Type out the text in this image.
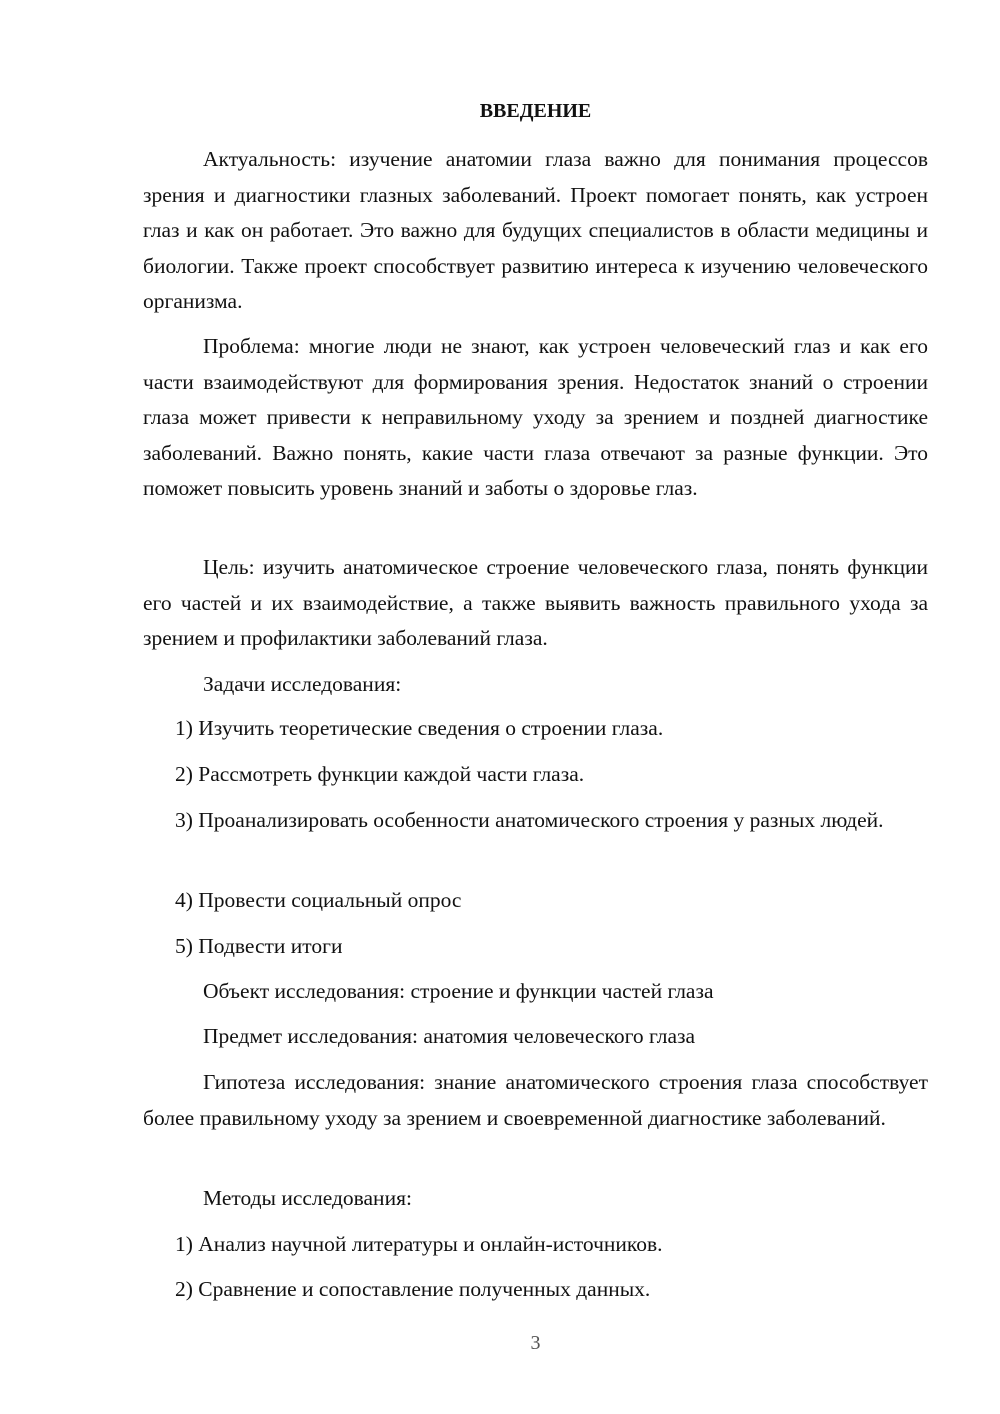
ВВЕДЕНИЕ

Актуальность: изучение анатомии глаза важно для понимания процессов зрения и диагностики глазных заболеваний. Проект помогает понять, как устроен глаз и как он работает. Это важно для будущих специалистов в области медицины и биологии. Также проект способствует развитию интереса к изучению человеческого организма.

Проблема: многие люди не знают, как устроен человеческий глаз и как его части взаимодействуют для формирования зрения. Недостаток знаний о строении глаза может привести к неправильному уходу за зрением и поздней диагностике заболеваний. Важно понять, какие части глаза отвечают за разные функции. Это поможет повысить уровень знаний и заботы о здоровье глаз.

Цель: изучить анатомическое строение человеческого глаза, понять функции его частей и их взаимодействие, а также выявить важность правильного ухода за зрением и профилактики заболеваний глаза.

Задачи исследования:

1) Изучить теоретические сведения о строении глаза.

2) Рассмотреть функции каждой части глаза.

3) Проанализировать особенности анатомического строения у разных людей.

4) Провести социальный опрос

5) Подвести итоги

Объект исследования: строение и функции частей глаза

Предмет исследования: анатомия человеческого глаза

Гипотеза исследования: знание анатомического строения глаза способствует более правильному уходу за зрением и своевременной диагностике заболеваний.

Методы исследования:

1) Анализ научной литературы и онлайн-источников.

2) Сравнение и сопоставление полученных данных.

3
